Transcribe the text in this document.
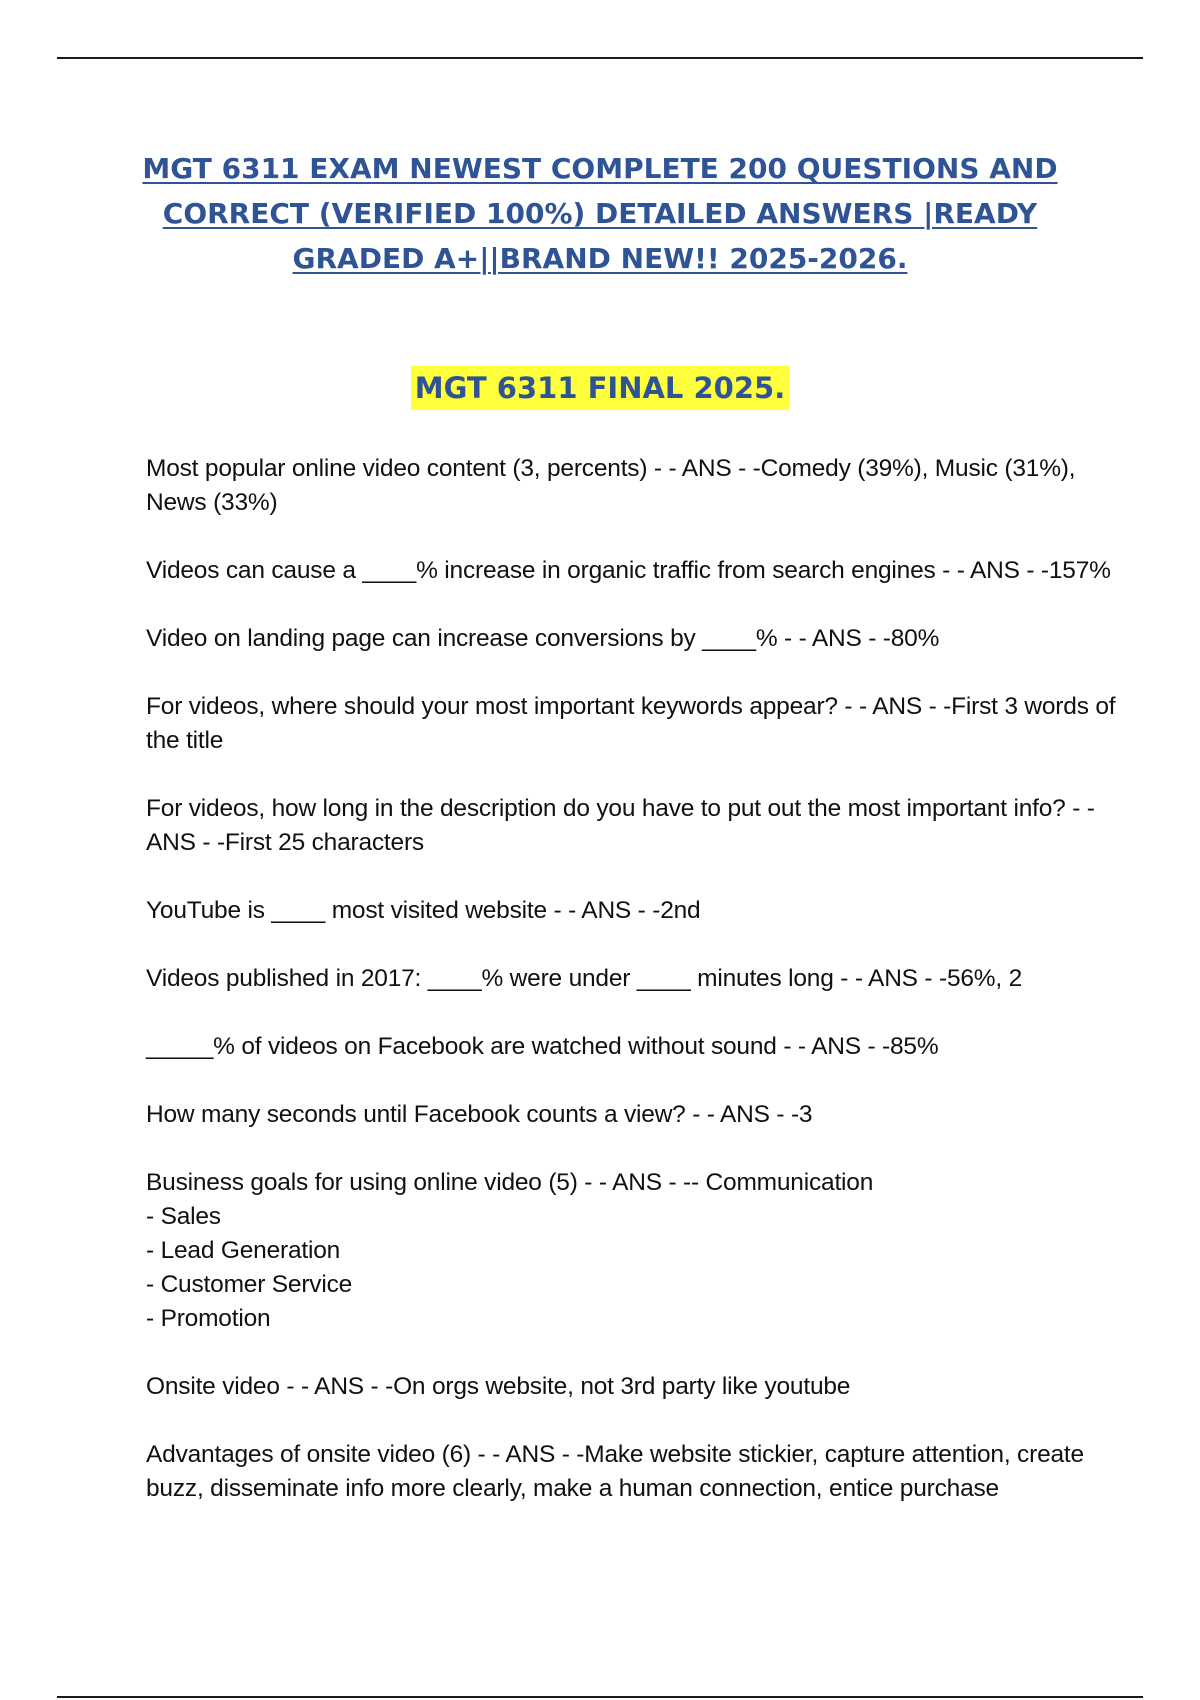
MGT 6311 EXAM NEWEST COMPLETE 200 QUESTIONS AND CORRECT (VERIFIED 100%) DETAILED ANSWERS |READY GRADED A+||BRAND NEW!! 2025-2026.
MGT 6311 FINAL 2025.

Most popular online video content (3, percents) - - ANS - -Comedy (39%), Music (31%), News (33%)

Videos can cause a ____% increase in organic traffic from search engines - - ANS - -157%

Video on landing page can increase conversions by ____% - - ANS - -80%

For videos, where should your most important keywords appear? - - ANS - -First 3 words of the title

For videos, how long in the description do you have to put out the most important info? - - ANS - -First 25 characters

YouTube is ____ most visited website - - ANS - -2nd

Videos published in 2017: ____% were under ____ minutes long - - ANS - -56%, 2

_____% of videos on Facebook are watched without sound - - ANS - -85%

How many seconds until Facebook counts a view? - - ANS - -3

Business goals for using online video (5) - - ANS - -- Communication
- Sales
- Lead Generation
- Customer Service
- Promotion

Onsite video - - ANS - -On orgs website, not 3rd party like youtube

Advantages of onsite video (6) - - ANS - -Make website stickier, capture attention, create buzz, disseminate info more clearly, make a human connection, entice purchase
